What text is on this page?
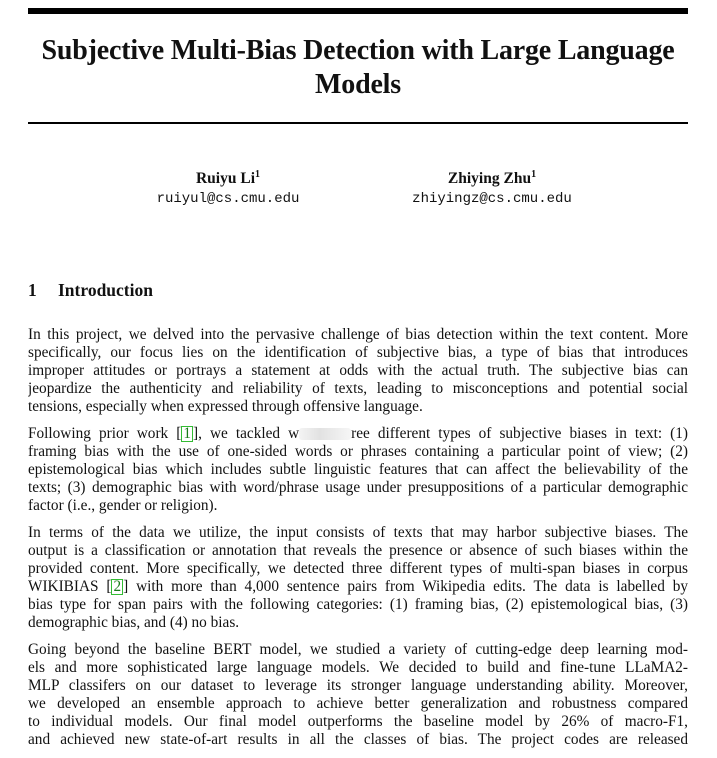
Subjective Multi-Bias Detection with Large Language Models
Ruiyu Li$^1$
ruiyul@cs.cmu.edu
Zhiying Zhu$^1$
zhiyingz@cs.cmu.edu
1 Introduction
In this project, we delved into the pervasive challenge of bias detection within the text content. More
specifically, our focus lies on the identification of subjective bias, a type of bias that introduces
improper attitudes or portrays a statement at odds with the actual truth. The subjective bias can
jeopardize the authenticity and reliability of texts, leading to misconceptions and potential social
tensions, especially when expressed through offensive language.
Following prior work [ 1 ], we tackled w	ree different types of subjective biases in text: (1)
framing bias with the use of one-sided words or phrases containing a particular point of view; (2)
epistemological bias which includes subtle linguistic features that can affect the believability of the
texts; (3) demographic bias with word/phrase usage under presuppositions of a particular demographic
factor (i.e., gender or religion).
In terms of the data we utilize, the input consists of texts that may harbor subjective biases. The
output is a classification or annotation that reveals the presence or absence of such biases within the
provided content. More specifically, we detected three different types of multi-span biases in corpus
WIKIBIAS [ 2 ] with more than 4,000 sentence pairs from Wikipedia edits. The data is labelled by
bias type for span pairs with the following categories: (1) framing bias, (2) epistemological bias, (3)
demographic bias, and (4) no bias.
Going beyond the baseline BERT model, we studied a variety of cutting-edge deep learning mod-
els and more sophisticated large language models. We decided to build and fine-tune LLaMA2-
MLP classifers on our dataset to leverage its stronger language understanding ability. Moreover,
we developed an ensemble approach to achieve better generalization and robustness compared
to individual models. Our final model outperforms the baseline model by 26% of macro-F1,
and achieved new state-of-art results in all the classes of bias. The project codes are released
